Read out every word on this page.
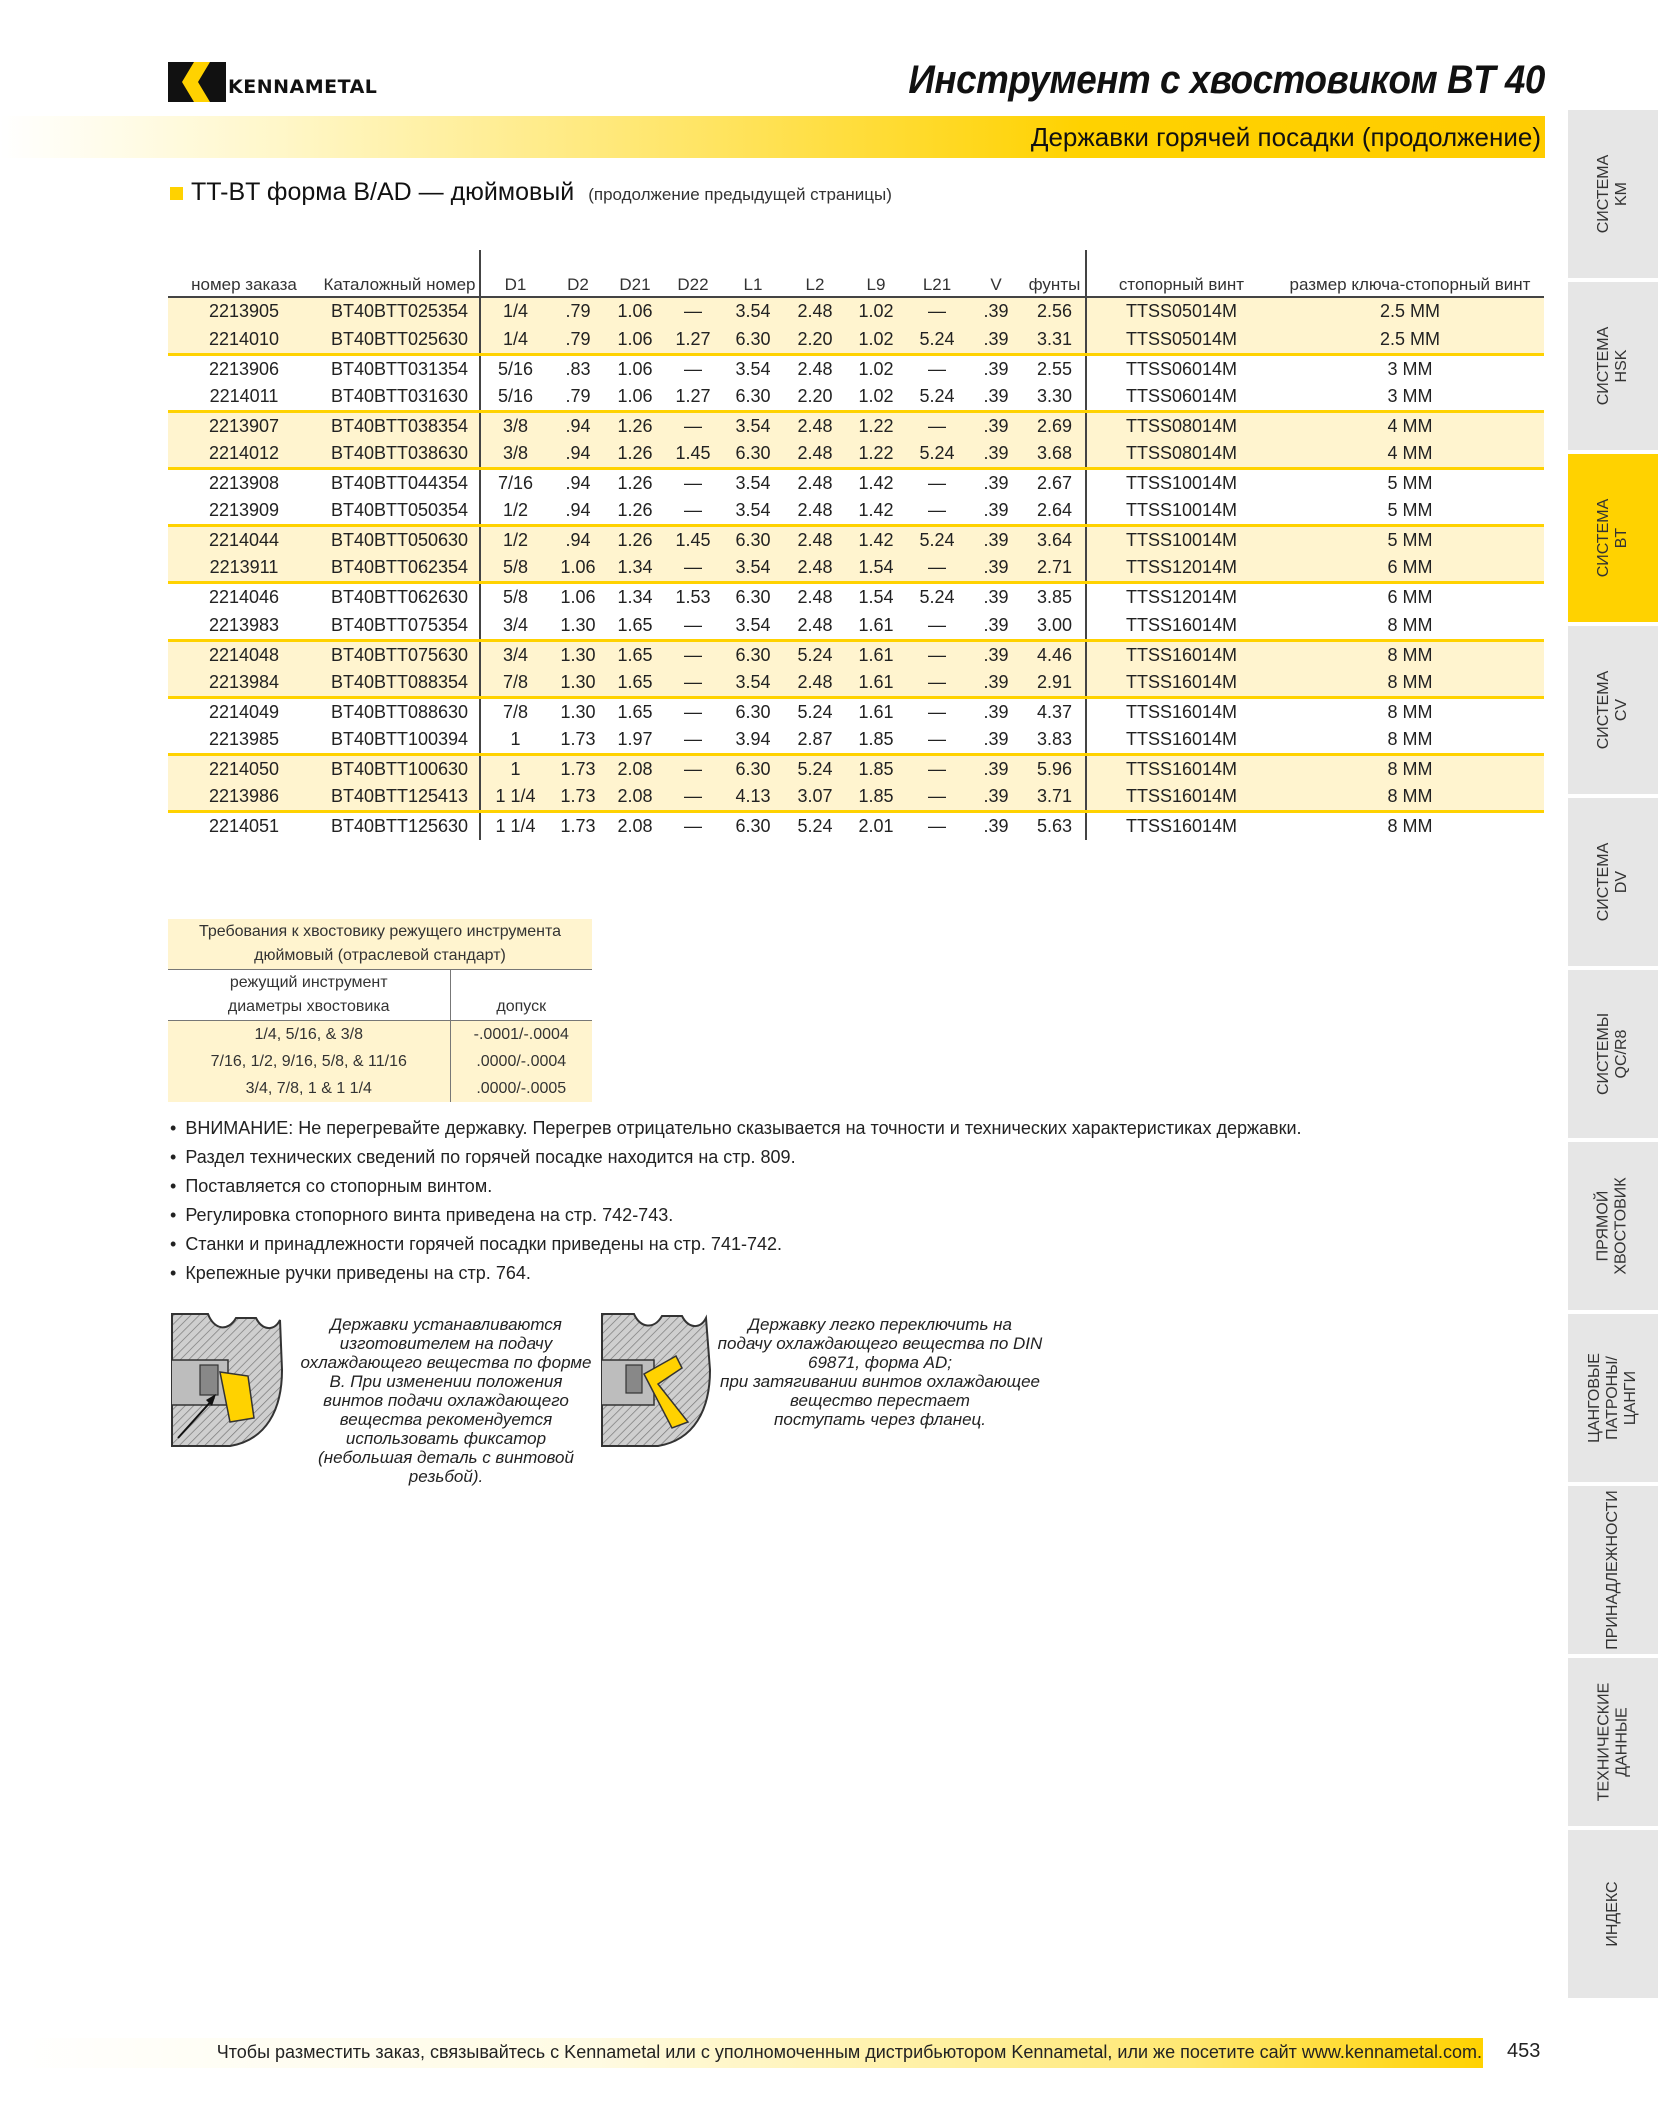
KENNAMETAL	Инструмент с хвостовиком BT 40
Державки горячей посадки (продолжение)
СИСТЕМА KM
СИСТЕМА HSK
СИСТЕМА BT
СИСТЕМА CV
СИСТЕМА DV
СИСТЕМЫ QC/R8
ПРЯМОЙ ХВОСТОВИК
ЦАНГОВЫЕ ПАТРОНЫ/ЦАНГИ
ПРИНАДЛЕЖНОСТИ
ТЕХНИЧЕСКИЕ ДАННЫЕ
ИНДЕКС
TT-BT форма B/AD — дюймовый (продолжение предыдущей страницы)
номер заказа	Каталожный номер	D1	D2	D21	D22	L1	L2	L9	L21	V	фунты	стопорный винт	размер ключа-стопорный винт
2213905	BT40BTT025354	1/4	.79	1.06	—	3.54	2.48	1.02	—	.39	2.56	TTSS05014M	2.5 MM
2214010	BT40BTT025630	1/4	.79	1.06	1.27	6.30	2.20	1.02	5.24	.39	3.31	TTSS05014M	2.5 MM
2213906	BT40BTT031354	5/16	.83	1.06	—	3.54	2.48	1.02	—	.39	2.55	TTSS06014M	3 MM
2214011	BT40BTT031630	5/16	.79	1.06	1.27	6.30	2.20	1.02	5.24	.39	3.30	TTSS06014M	3 MM
2213907	BT40BTT038354	3/8	.94	1.26	—	3.54	2.48	1.22	—	.39	2.69	TTSS08014M	4 MM
2214012	BT40BTT038630	3/8	.94	1.26	1.45	6.30	2.48	1.22	5.24	.39	3.68	TTSS08014M	4 MM
2213908	BT40BTT044354	7/16	.94	1.26	—	3.54	2.48	1.42	—	.39	2.67	TTSS10014M	5 MM
2213909	BT40BTT050354	1/2	.94	1.26	—	3.54	2.48	1.42	—	.39	2.64	TTSS10014M	5 MM
2214044	BT40BTT050630	1/2	.94	1.26	1.45	6.30	2.48	1.42	5.24	.39	3.64	TTSS10014M	5 MM
2213911	BT40BTT062354	5/8	1.06	1.34	—	3.54	2.48	1.54	—	.39	2.71	TTSS12014M	6 MM
2214046	BT40BTT062630	5/8	1.06	1.34	1.53	6.30	2.48	1.54	5.24	.39	3.85	TTSS12014M	6 MM
2213983	BT40BTT075354	3/4	1.30	1.65	—	3.54	2.48	1.61	—	.39	3.00	TTSS16014M	8 MM
2214048	BT40BTT075630	3/4	1.30	1.65	—	6.30	5.24	1.61	—	.39	4.46	TTSS16014M	8 MM
2213984	BT40BTT088354	7/8	1.30	1.65	—	3.54	2.48	1.61	—	.39	2.91	TTSS16014M	8 MM
2214049	BT40BTT088630	7/8	1.30	1.65	—	6.30	5.24	1.61	—	.39	4.37	TTSS16014M	8 MM
2213985	BT40BTT100394	1	1.73	1.97	—	3.94	2.87	1.85	—	.39	3.83	TTSS16014M	8 MM
2214050	BT40BTT100630	1	1.73	2.08	—	6.30	5.24	1.85	—	.39	5.96	TTSS16014M	8 MM
2213986	BT40BTT125413	1 1/4	1.73	2.08	—	4.13	3.07	1.85	—	.39	3.71	TTSS16014M	8 MM
2214051	BT40BTT125630	1 1/4	1.73	2.08	—	6.30	5.24	2.01	—	.39	5.63	TTSS16014M	8 MM
Требования к хвостовику режущего инструмента
дюймовый (отраслевой стандарт)	

режущий инструмент
диаметры хвостовика	допуск
1/4, 5/16, & 3/8	-.0001/-.0004
7/16, 1/2, 9/16, 5/8, & 11/16	.0000/-.0004
3/4, 7/8, 1 & 1 1/4	.0000/-.0005
• ВНИМАНИЕ: Не перегревайте державку. Перегрев отрицательно сказывается на точности и технических характеристиках державки.
• Раздел технических сведений по горячей посадке находится на стр. 809.
• Поставляется со стопорным винтом.
• Регулировка стопорного винта приведена на стр. 742-743.
• Станки и принадлежности горячей посадки приведены на стр. 741-742.
• Крепежные ручки приведены на стр. 764.
Державки устанавливаются
изготовителем на подачу
охлаждающего вещества по форме
B. При изменении положения
винтов подачи охлаждающего
вещества рекомендуется
использовать фиксатор
(небольшая деталь с винтовой
резьбой).
Державку легко переключить на
подачу охлаждающего вещества по DIN
69871, форма AD;
при затягивании винтов охлаждающее
вещество перестает
поступать через фланец.
Чтобы разместить заказ, связывайтесь с Kennametal или с уполномоченным дистрибьютором Kennametal, или же посетите сайт www.kennametal.com. 453
